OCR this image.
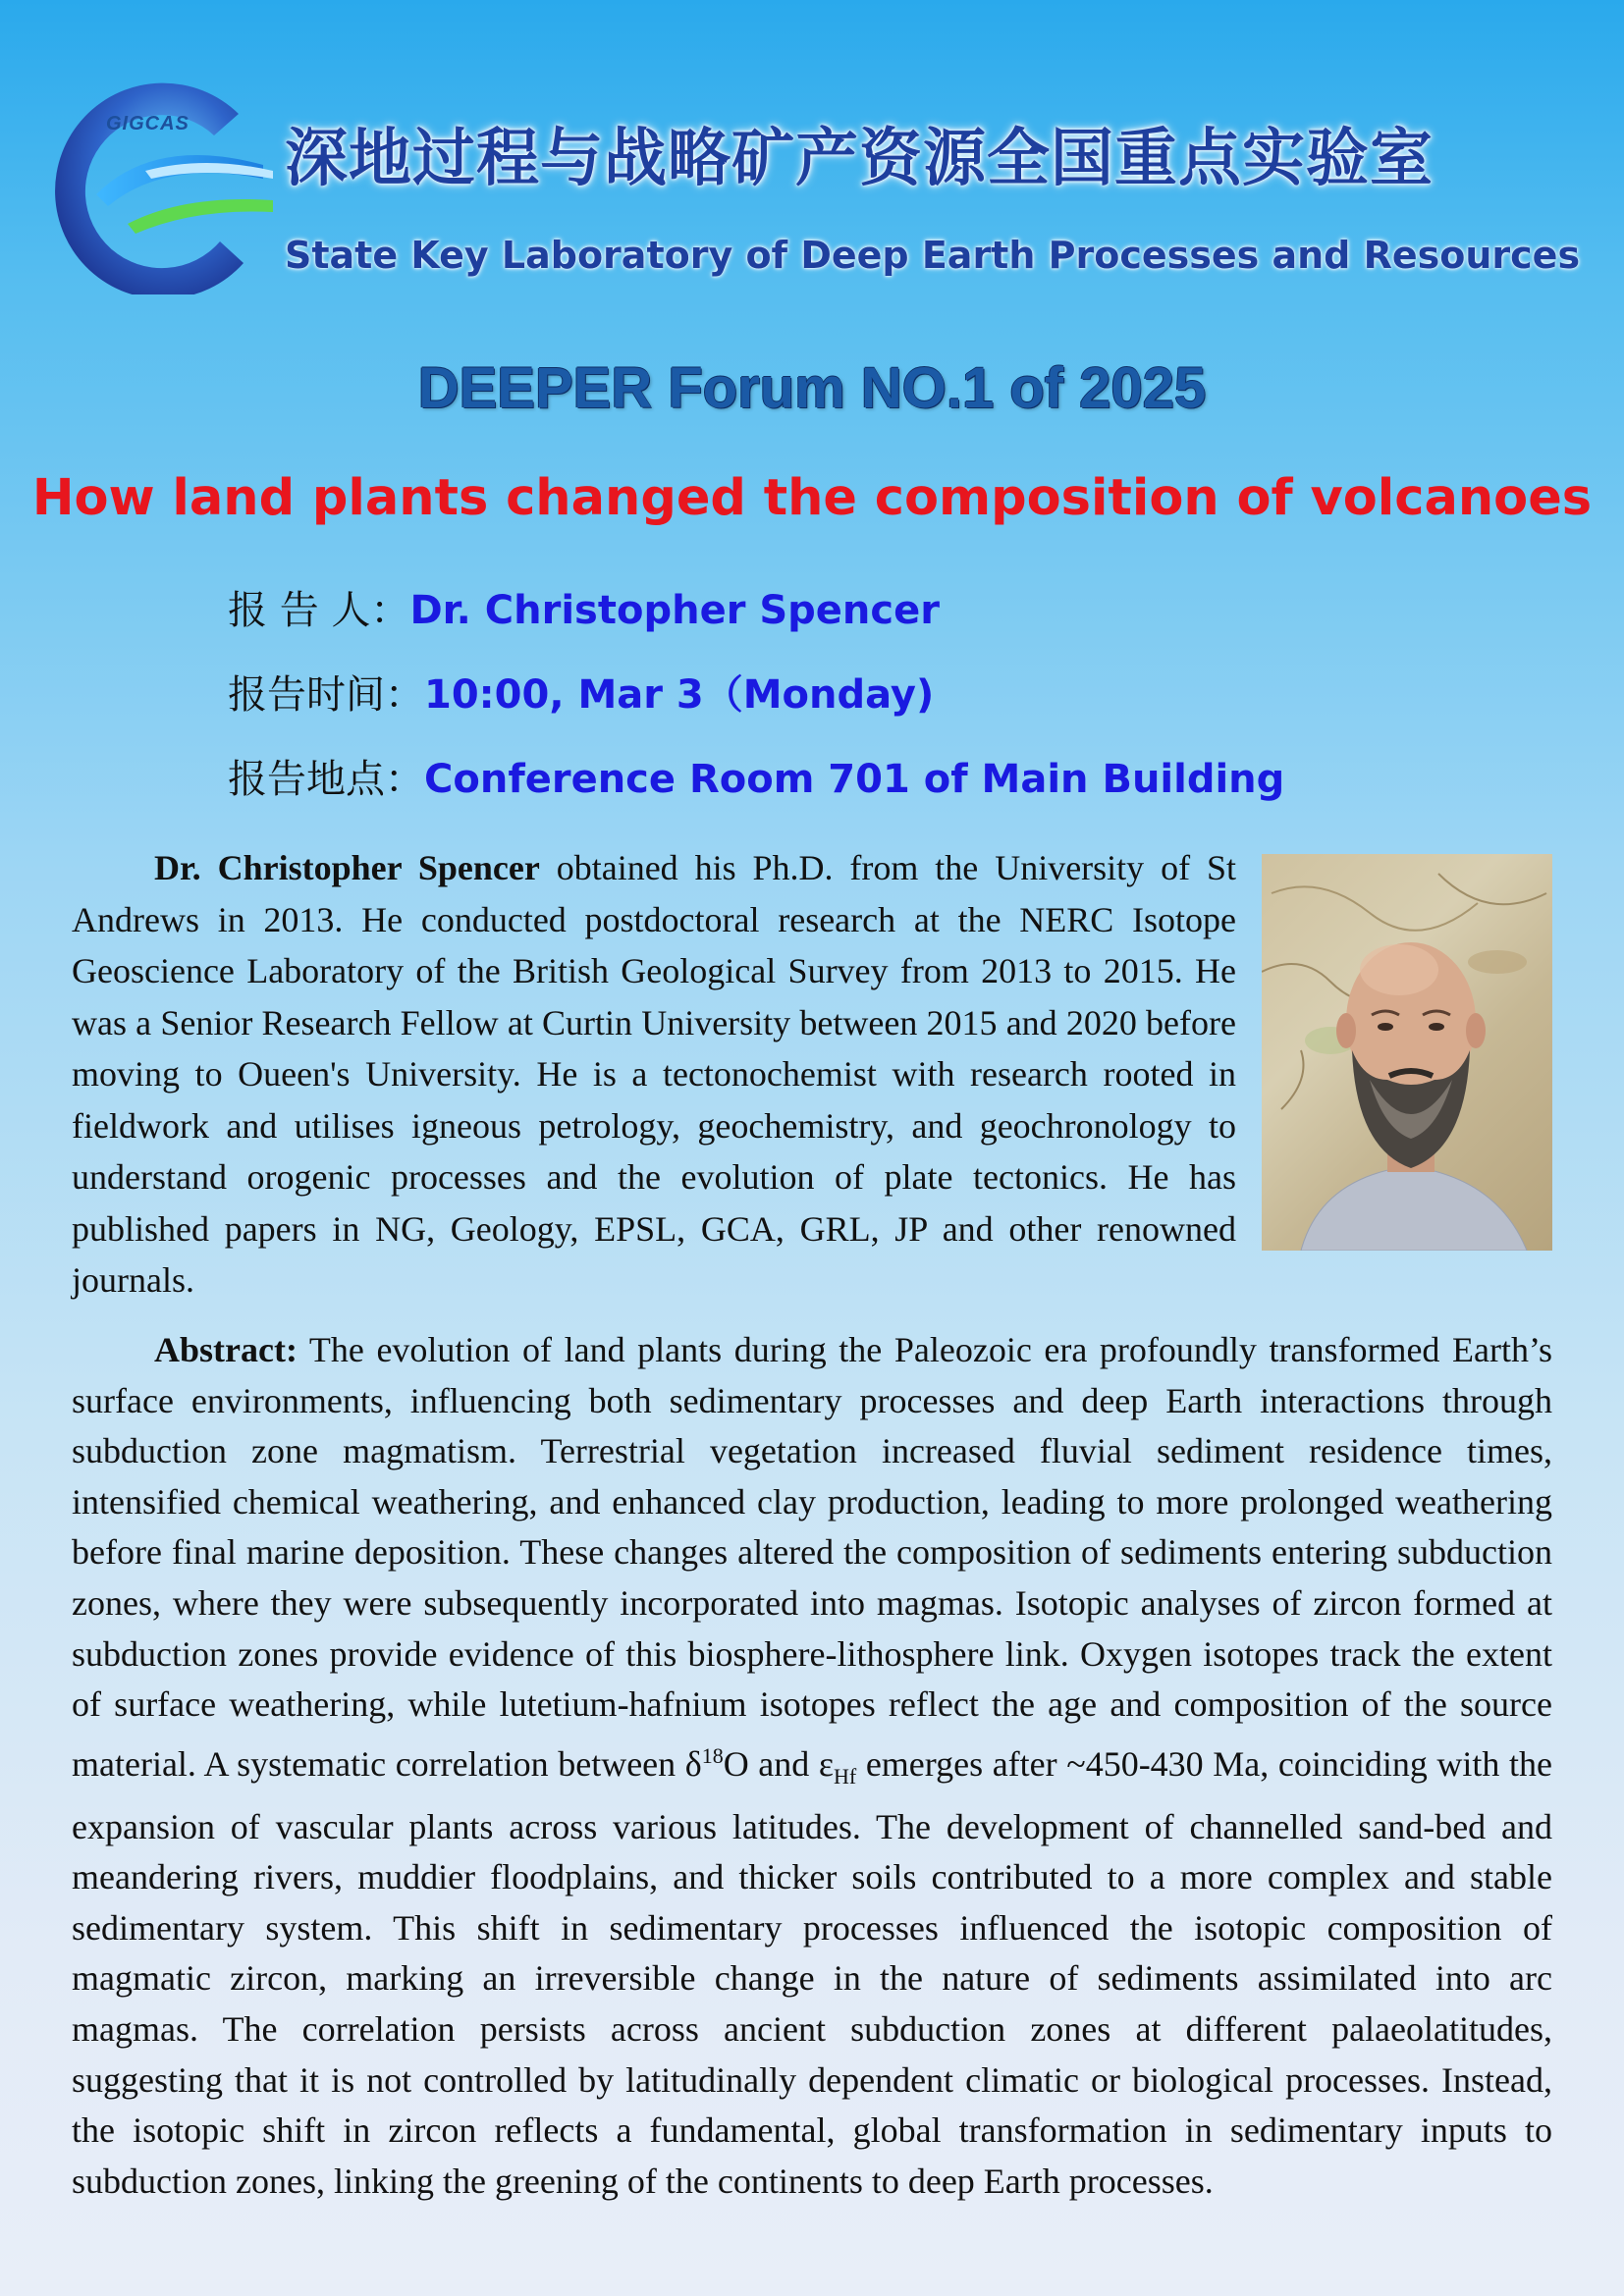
GIGCAS 深地过程与战略矿产资源全国重点实验室
State Key Laboratory of Deep Earth Processes and Resources
DEEPER Forum NO.1 of 2025
How land plants changed the composition of volcanoes
报 告 人：Dr. Christopher Spencer
报告时间：10:00, Mar 3（Monday)
报告地点：Conference Room 701 of Main Building
Dr. Christopher Spencer obtained his Ph.D. from the University of St Andrews in 2013. He conducted postdoctoral research at the NERC Isotope Geoscience Laboratory of the British Geological Survey from 2013 to 2015. He was a Senior Research Fellow at Curtin University between 2015 and 2020 before moving to Oueen's University. He is a tectonochemist with research rooted in fieldwork and utilises igneous petrology, geochemistry, and geochronology to understand orogenic processes and the evolution of plate tectonics. He has published papers in NG, Geology, EPSL, GCA, GRL, JP and other renowned journals.
Abstract: The evolution of land plants during the Paleozoic era profoundly transformed Earth’s surface environments, influencing both sedimentary processes and deep Earth interactions through subduction zone magmatism. Terrestrial vegetation increased fluvial sediment residence times, intensified chemical weathering, and enhanced clay production, leading to more prolonged weathering before final marine deposition. These changes altered the composition of sediments entering subduction zones, where they were subsequently incorporated into magmas. Isotopic analyses of zircon formed at subduction zones provide evidence of this biosphere-lithosphere link. Oxygen isotopes track the extent of surface weathering, while lutetium-hafnium isotopes reflect the age and composition of the source material. A systematic correlation between $\delta^{18}O$ and $\varepsilon_{Hf}$ emerges after ~450-430 Ma, coinciding with the expansion of vascular plants across various latitudes. The development of channelled sand-bed and meandering rivers, muddier floodplains, and thicker soils contributed to a more complex and stable sedimentary system. This shift in sedimentary processes influenced the isotopic composition of magmatic zircon, marking an irreversible change in the nature of sediments assimilated into arc magmas. The correlation persists across ancient subduction zones at different palaeolatitudes, suggesting that it is not controlled by latitudinally dependent climatic or biological processes. Instead, the isotopic shift in zircon reflects a fundamental, global transformation in sedimentary inputs to subduction zones, linking the greening of the continents to deep Earth processes.
